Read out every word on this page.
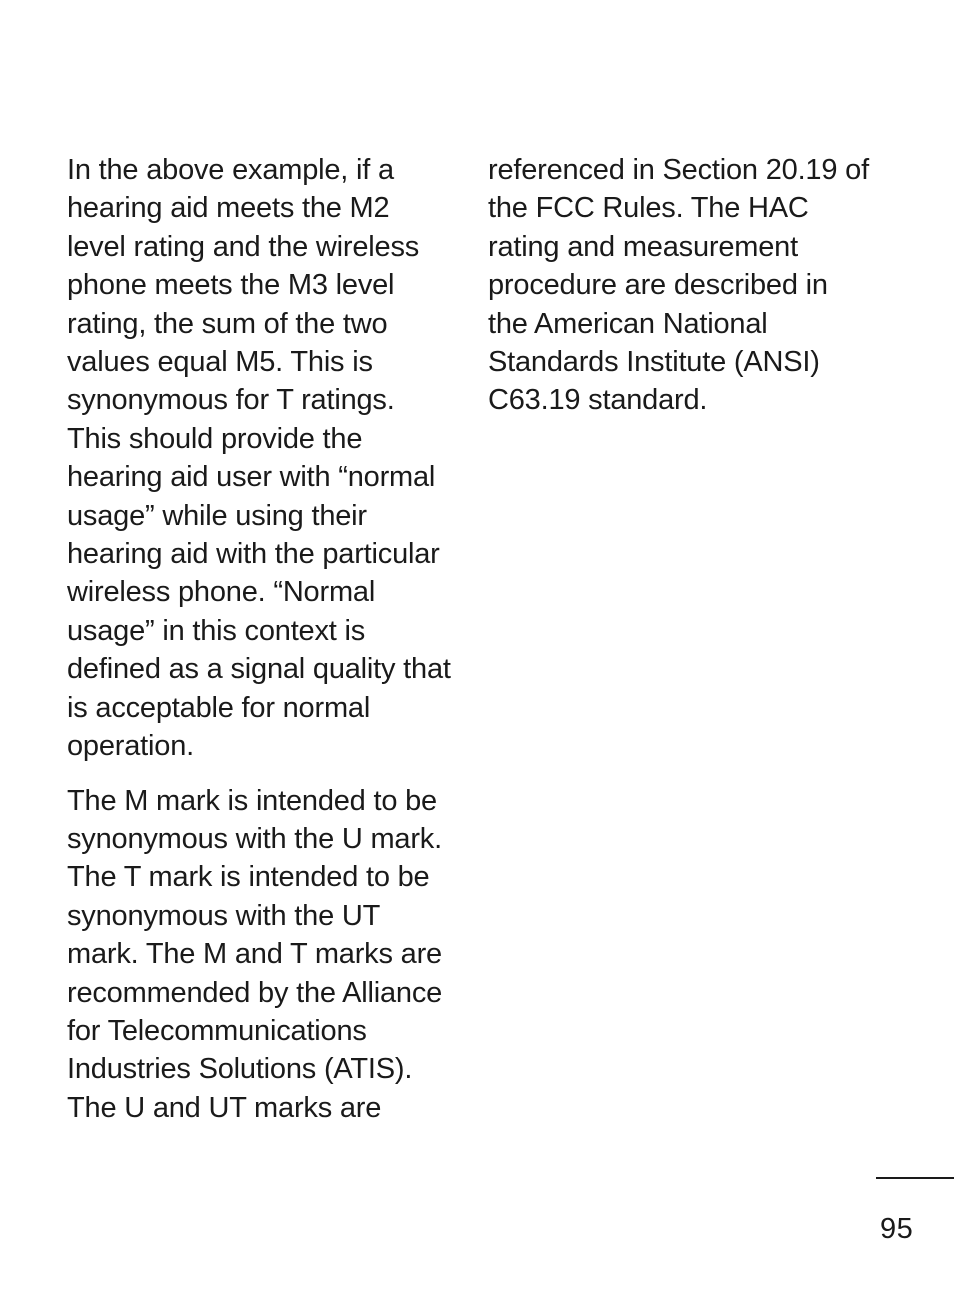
In the above example, if a
hearing aid meets the M2
level rating and the wireless
phone meets the M3 level
rating, the sum of the two
values equal M5. This is
synonymous for T ratings.
This should provide the
hearing aid user with “normal
usage” while using their
hearing aid with the particular
wireless phone. “Normal
usage” in this context is
defined as a signal quality that
is acceptable for normal
operation.
The M mark is intended to be
synonymous with the U mark.
The T mark is intended to be
synonymous with the UT
mark. The M and T marks are
recommended by the Alliance
for Telecommunications
Industries Solutions (ATIS).
The U and UT marks are
referenced in Section 20.19 of
the FCC Rules. The HAC
rating and measurement
procedure are described in
the American National
Standards Institute (ANSI)
C63.19 standard.
95
